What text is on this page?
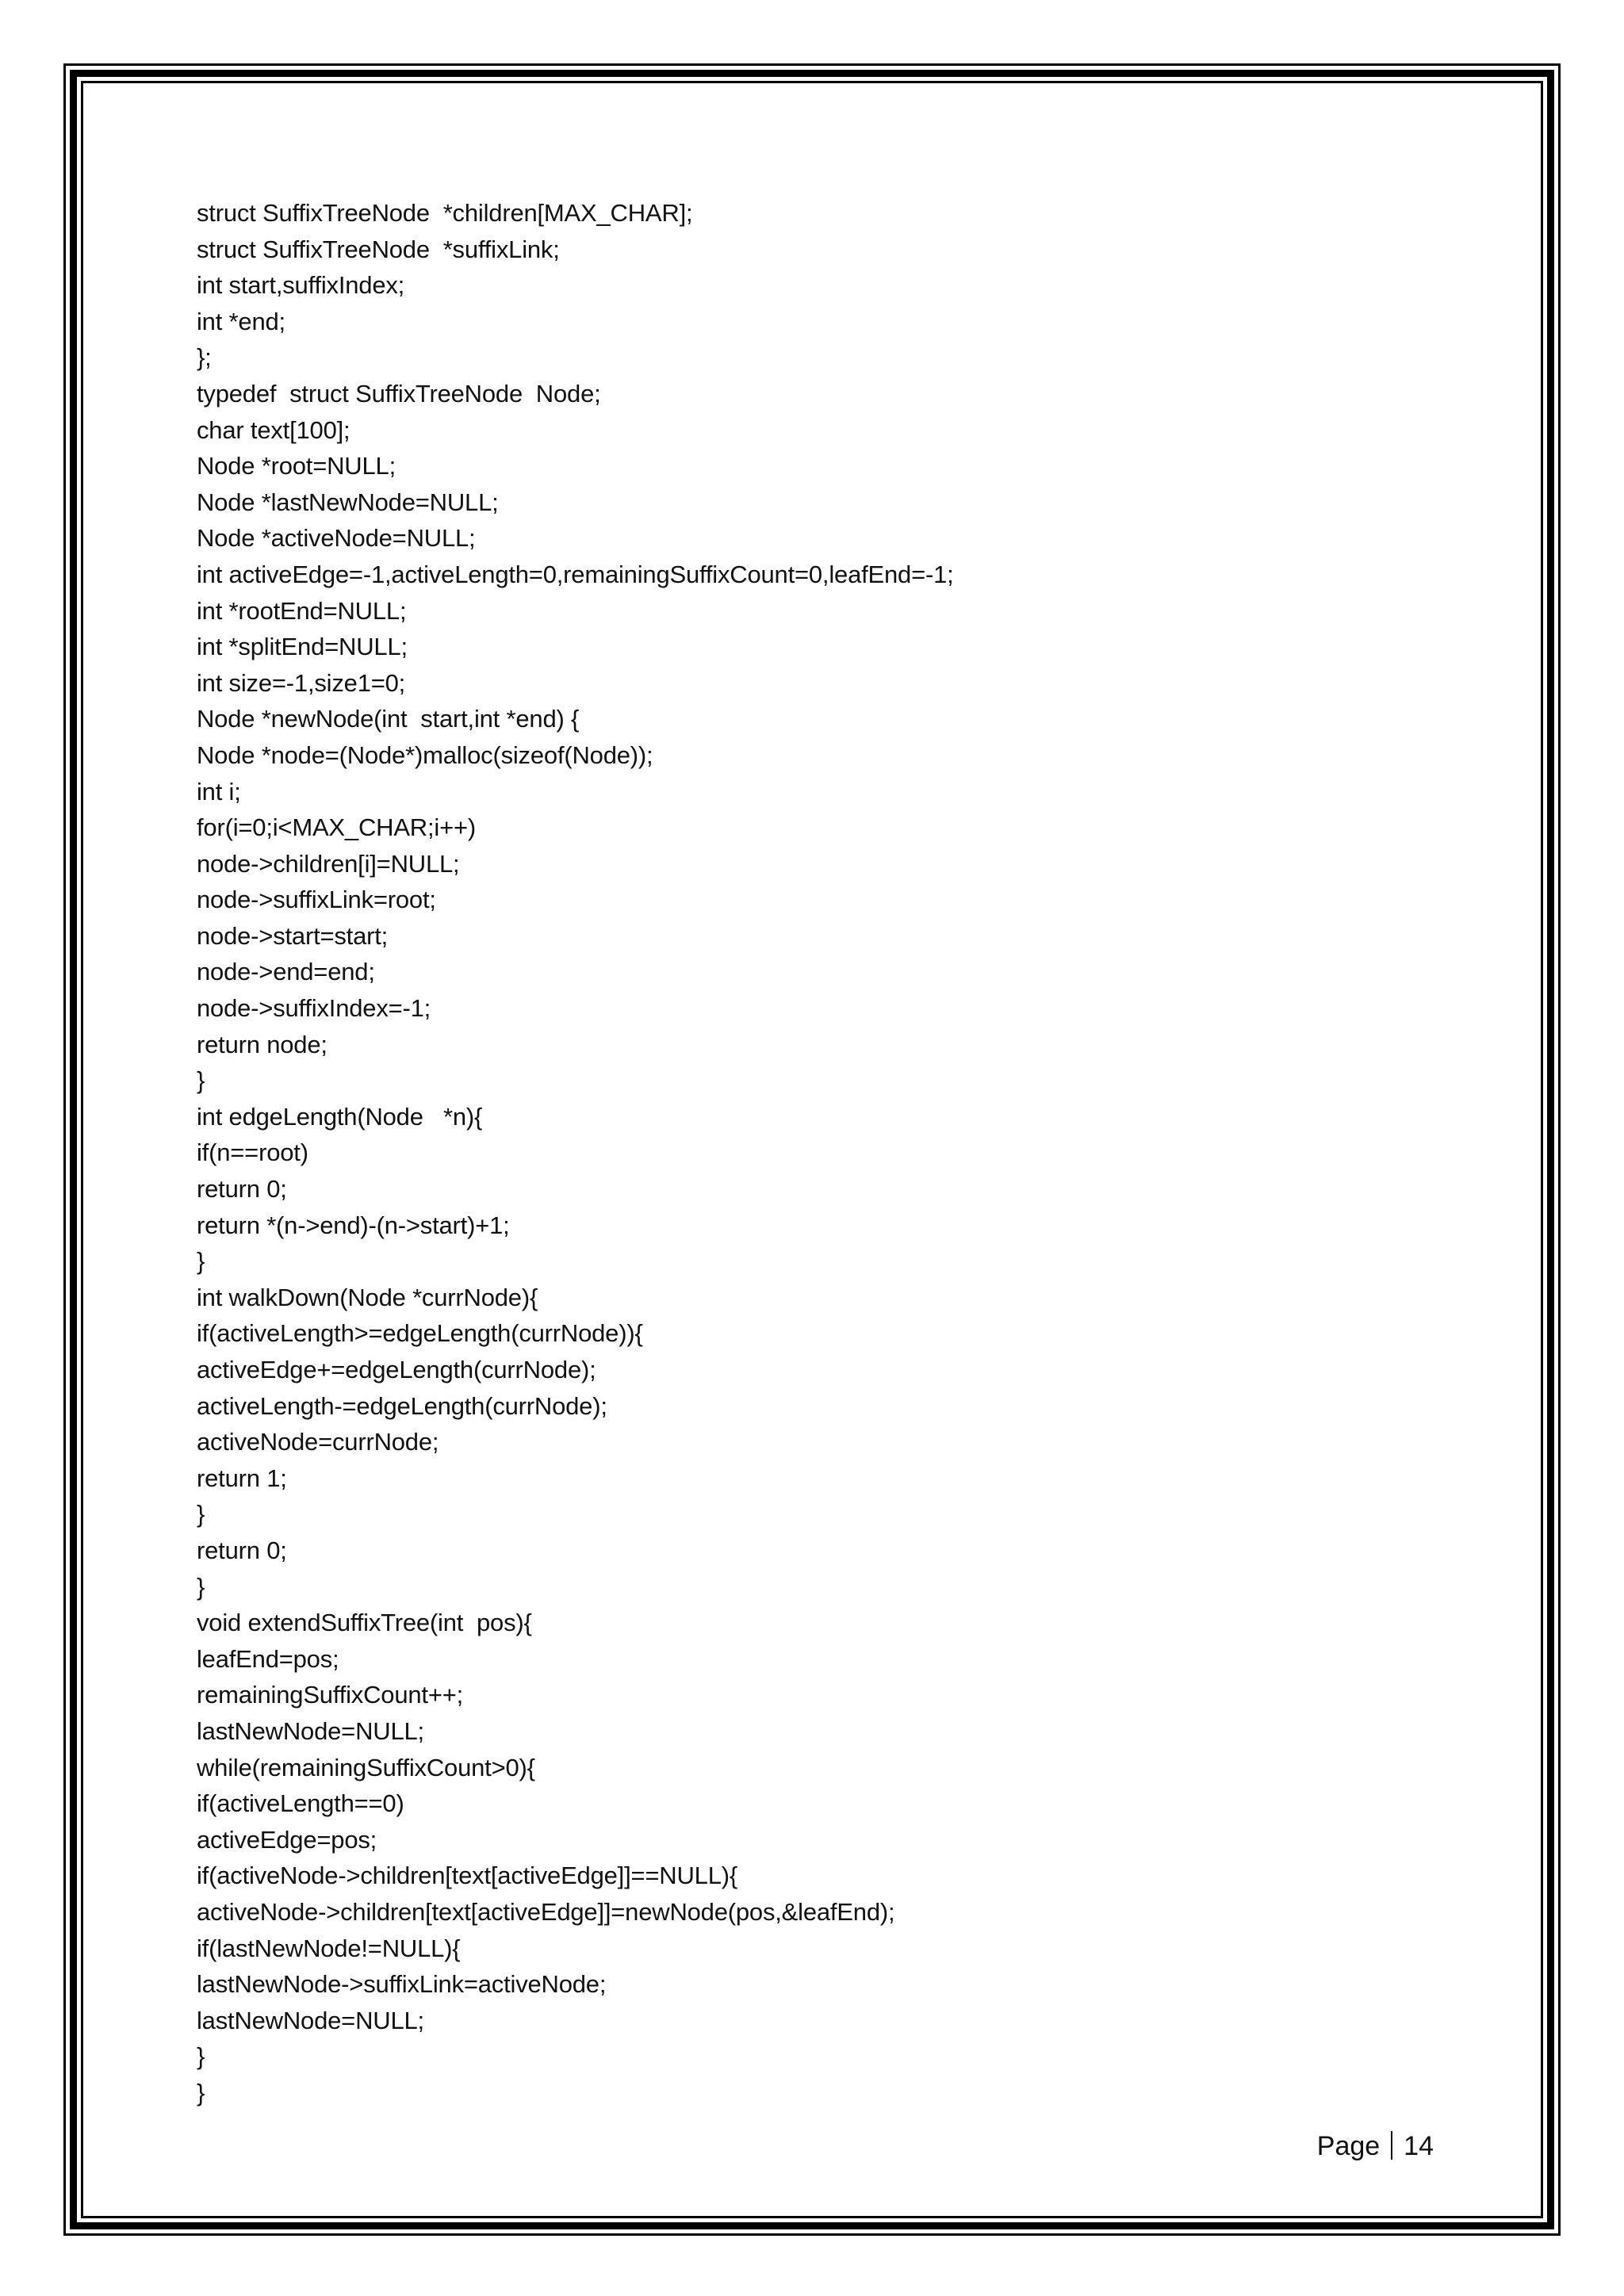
struct SuffixTreeNode  *children[MAX_CHAR];
struct SuffixTreeNode  *suffixLink;
int start,suffixIndex;
int *end;
};
typedef  struct SuffixTreeNode  Node;
char text[100];
Node *root=NULL;
Node *lastNewNode=NULL;
Node *activeNode=NULL;
int activeEdge=-1,activeLength=0,remainingSuffixCount=0,leafEnd=-1;
int *rootEnd=NULL;
int *splitEnd=NULL;
int size=-1,size1=0;
Node *newNode(int  start,int *end) {
Node *node=(Node*)malloc(sizeof(Node));
int i;
for(i=0;i<MAX_CHAR;i++)
node->children[i]=NULL;
node->suffixLink=root;
node->start=start;
node->end=end;
node->suffixIndex=-1;
return node;
}
int edgeLength(Node   *n){
if(n==root)
return 0;
return *(n->end)-(n->start)+1;
}
int walkDown(Node *currNode){
if(activeLength>=edgeLength(currNode)){
activeEdge+=edgeLength(currNode);
activeLength-=edgeLength(currNode);
activeNode=currNode;
return 1;
}
return 0;
}
void extendSuffixTree(int  pos){
leafEnd=pos;
remainingSuffixCount++;
lastNewNode=NULL;
while(remainingSuffixCount>0){
if(activeLength==0)
activeEdge=pos;
if(activeNode->children[text[activeEdge]]==NULL){
activeNode->children[text[activeEdge]]=newNode(pos,&leafEnd);
if(lastNewNode!=NULL){
lastNewNode->suffixLink=activeNode;
lastNewNode=NULL;
}
}
Page 14
